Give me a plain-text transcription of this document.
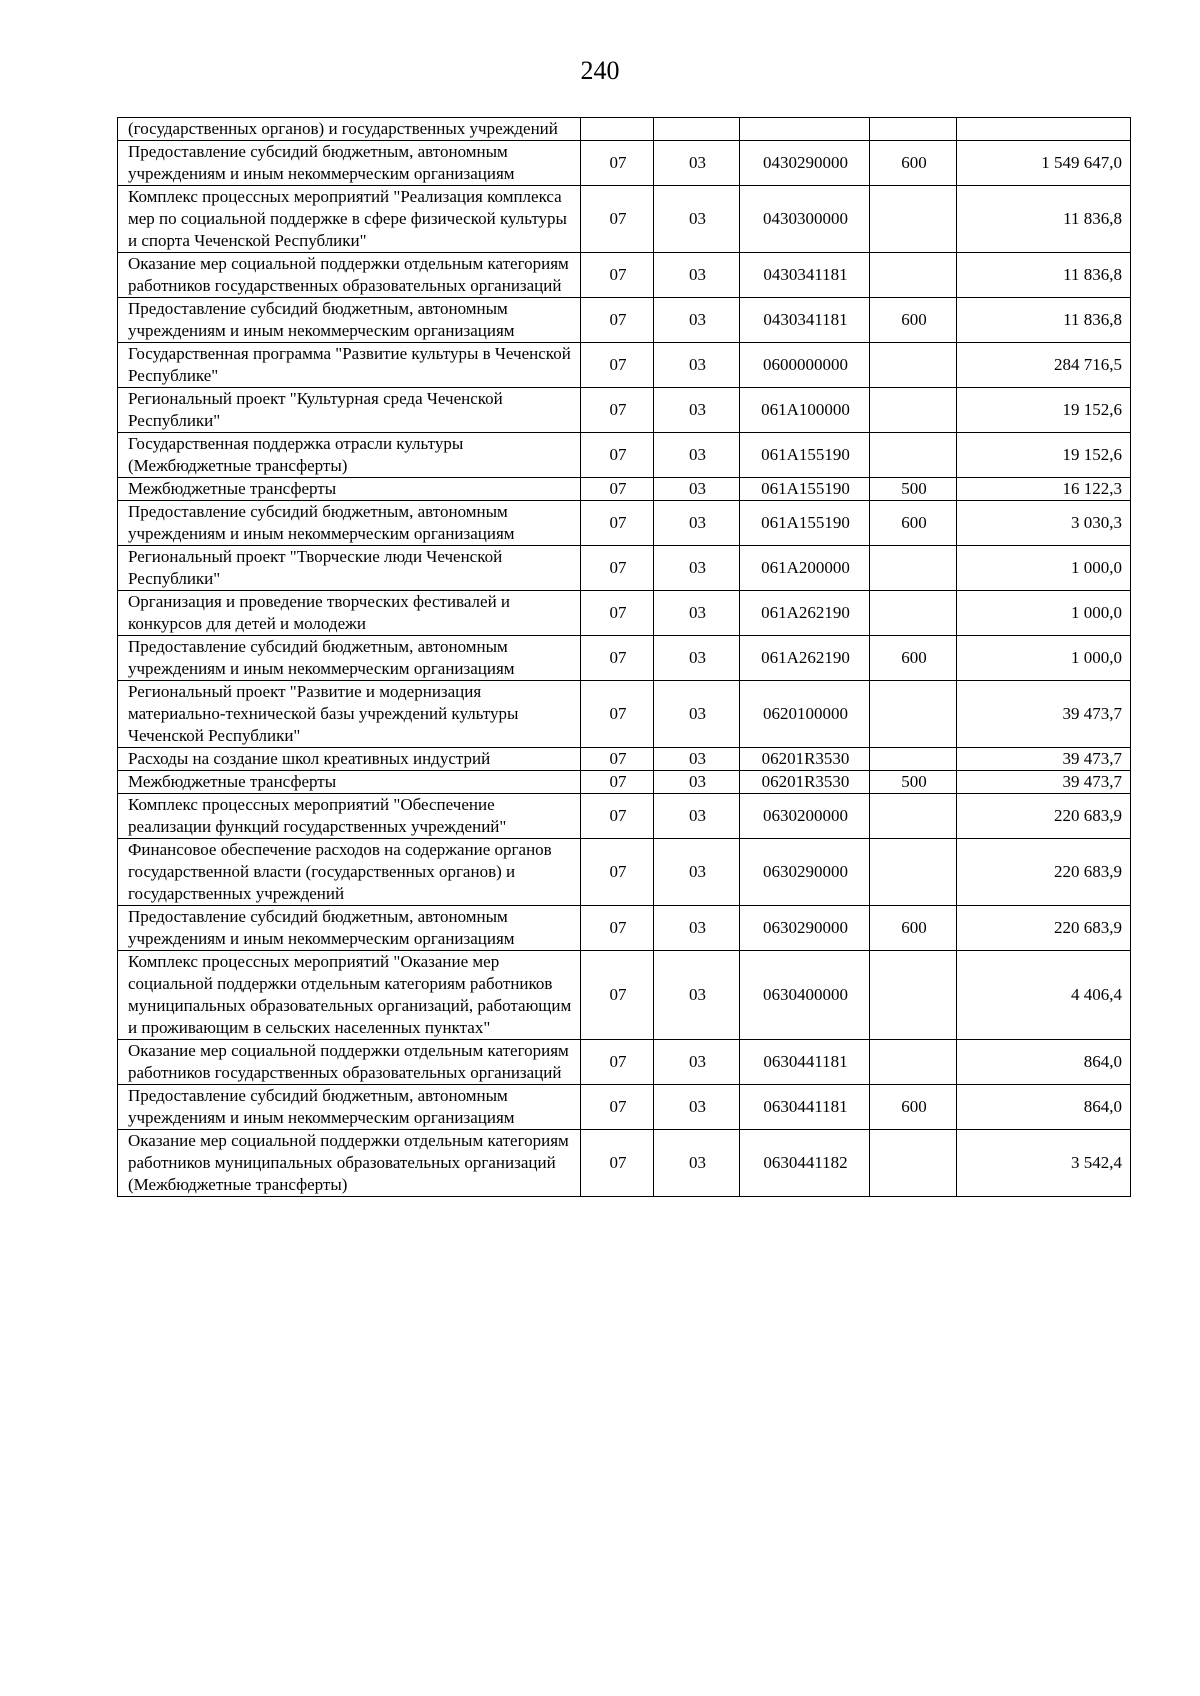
240
(государственных органов) и государственных учреждений					
Предоставление субсидий бюджетным, автономным учреждениям и иным некоммерческим организациям	07	03	0430290000	600	1 549 647,0
Комплекс процессных мероприятий "Реализация комплекса мер по социальной поддержке в сфере физической культуры и спорта Чеченской Республики"	07	03	0430300000		11 836,8
Оказание мер социальной поддержки отдельным категориям работников государственных образовательных организаций	07	03	0430341181		11 836,8
Предоставление субсидий бюджетным, автономным учреждениям и иным некоммерческим организациям	07	03	0430341181	600	11 836,8
Государственная программа "Развитие культуры в Чеченской Республике"	07	03	0600000000		284 716,5
Региональный проект "Культурная среда Чеченской Республики"	07	03	061A100000		19 152,6
Государственная поддержка отрасли культуры (Межбюджетные трансферты)	07	03	061A155190		19 152,6
Межбюджетные трансферты	07	03	061A155190	500	16 122,3
Предоставление субсидий бюджетным, автономным учреждениям и иным некоммерческим организациям	07	03	061A155190	600	3 030,3
Региональный проект "Творческие люди Чеченской Республики"	07	03	061A200000		1 000,0
Организация и проведение творческих фестивалей и конкурсов для детей и молодежи	07	03	061A262190		1 000,0
Предоставление субсидий бюджетным, автономным учреждениям и иным некоммерческим организациям	07	03	061A262190	600	1 000,0
Региональный проект "Развитие и модернизация материально-технической базы учреждений культуры Чеченской Республики"	07	03	0620100000		39 473,7
Расходы на создание школ креативных индустрий	07	03	06201R3530		39 473,7
Межбюджетные трансферты	07	03	06201R3530	500	39 473,7
Комплекс процессных мероприятий "Обеспечение реализации функций государственных учреждений"	07	03	0630200000		220 683,9
Финансовое обеспечение расходов на содержание органов государственной власти (государственных органов) и государственных учреждений	07	03	0630290000		220 683,9
Предоставление субсидий бюджетным, автономным учреждениям и иным некоммерческим организациям	07	03	0630290000	600	220 683,9
Комплекс процессных мероприятий "Оказание мер социальной поддержки отдельным категориям работников муниципальных образовательных организаций, работающим и проживающим в сельских населенных пунктах"	07	03	0630400000		4 406,4
Оказание мер социальной поддержки отдельным категориям работников государственных образовательных организаций	07	03	0630441181		864,0
Предоставление субсидий бюджетным, автономным учреждениям и иным некоммерческим организациям	07	03	0630441181	600	864,0
Оказание мер социальной поддержки отдельным категориям работников муниципальных образовательных организаций (Межбюджетные трансферты)	07	03	0630441182		3 542,4
